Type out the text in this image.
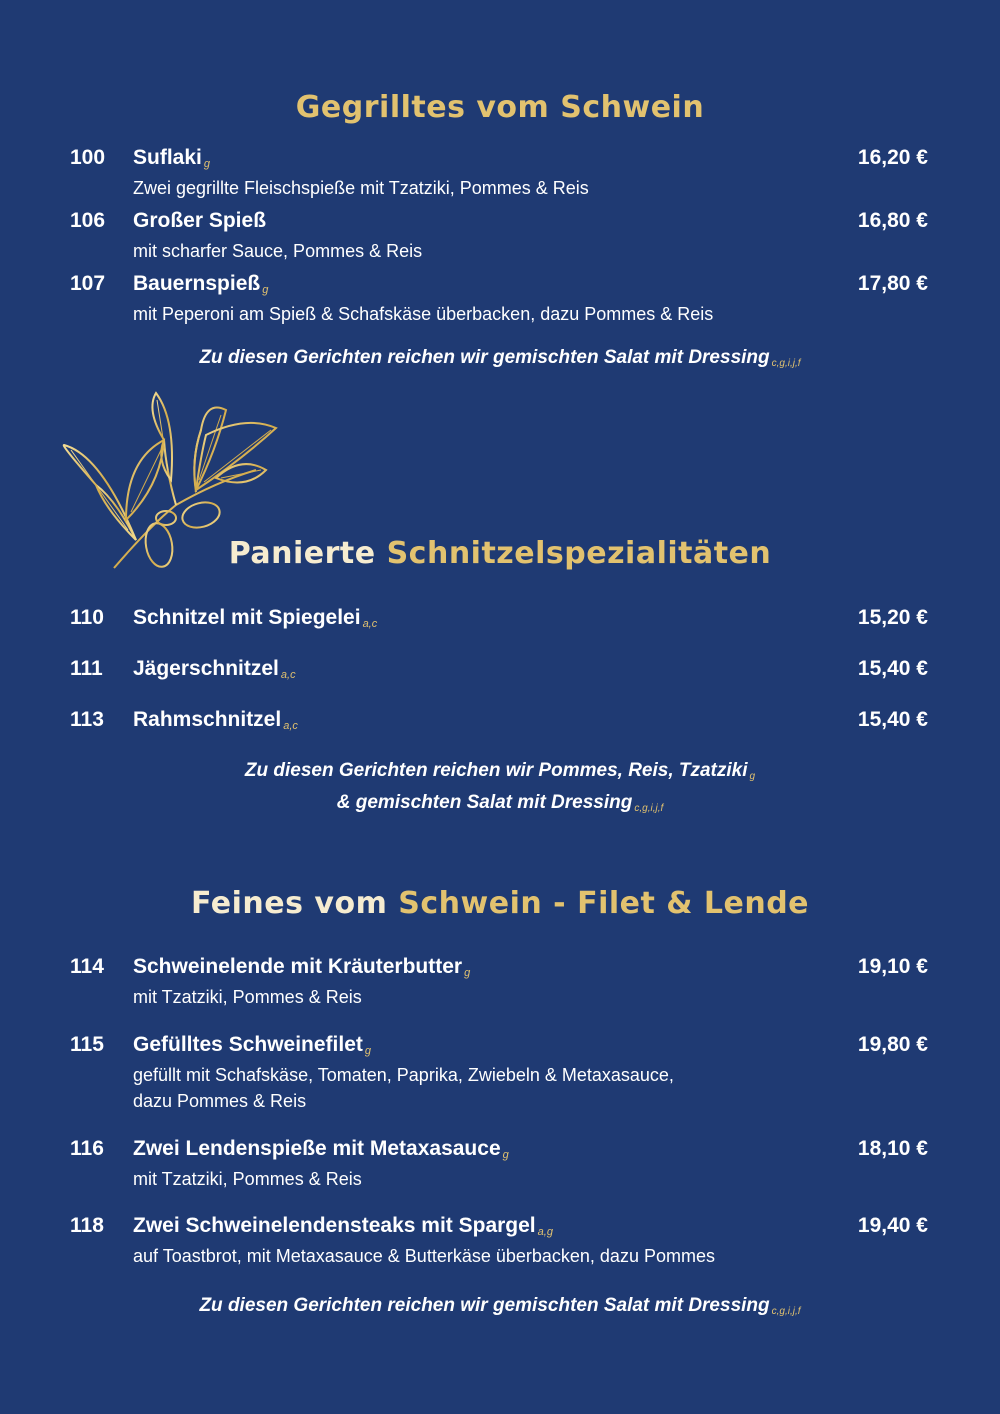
Gegrilltes vom Schwein
100 Suflaki g	16,20 €
Zwei gegrillte Fleischspieße mit Tzatziki, Pommes & Reis
106 Großer Spieß	16,80 €
mit scharfer Sauce, Pommes & Reis
107 Bauernspieß g	17,80 €
mit Peperoni am Spieß & Schafskäse überbacken, dazu Pommes & Reis
Zu diesen Gerichten reichen wir gemischten Salat mit Dressing c,g,i,j,f
Panierte Schnitzelspezialitäten
110 Schnitzel mit Spiegelei a,c	15,20 €
111 Jägerschnitzel a,c	15,40 €
113 Rahmschnitzel a,c	15,40 €
Zu diesen Gerichten reichen wir Pommes, Reis, Tzatziki g
& gemischten Salat mit Dressing c,g,i,j,f
Feines vom Schwein - Filet & Lende
114 Schweinelende mit Kräuterbutter g	19,10 €
mit Tzatziki, Pommes & Reis
115 Gefülltes Schweinefilet g	19,80 €
gefüllt mit Schafskäse, Tomaten, Paprika, Zwiebeln & Metaxasauce,
dazu Pommes & Reis
116 Zwei Lendenspieße mit Metaxasauce g	18,10 €
mit Tzatziki, Pommes & Reis
118 Zwei Schweinelendensteaks mit Spargel a,g	19,40 €
auf Toastbrot, mit Metaxasauce & Butterkäse überbacken, dazu Pommes
Zu diesen Gerichten reichen wir gemischten Salat mit Dressing c,g,i,j,f
